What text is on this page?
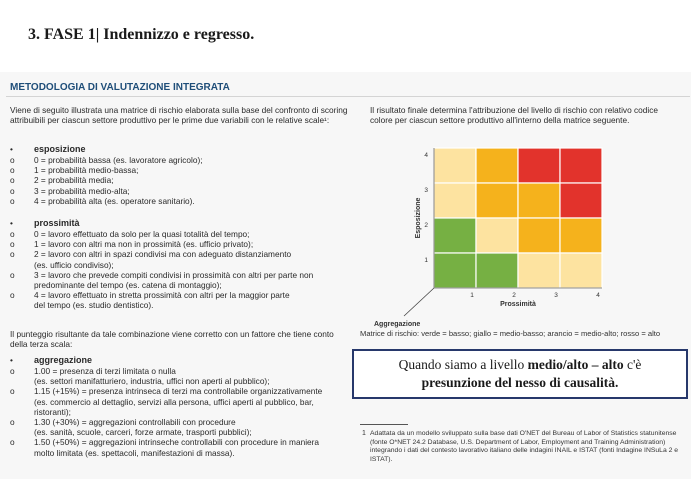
3. FASE 1| Indennizzo e regresso.
METODOLOGIA DI VALUTAZIONE INTEGRATA
Viene di seguito illustrata una matrice di rischio elaborata sulla base del confronto di scoring attribuibili per ciascun settore produttivo per le prime due variabili con le relative scale¹:
• esposizione
o 0 = probabilità bassa (es. lavoratore agricolo);
o 1 = probabilità medio-bassa;
o 2 = probabilità media;
o 3 = probabilità medio-alta;
o 4 = probabilità alta (es. operatore sanitario).
• prossimità
o 0 = lavoro effettuato da solo per la quasi totalità del tempo;
o 1 = lavoro con altri ma non in prossimità (es. ufficio privato);
o 2 = lavoro con altri in spazi condivisi ma con adeguato distanziamento
(es. ufficio condiviso);
o 3 = lavoro che prevede compiti condivisi in prossimità con altri per parte non
predominante del tempo (es. catena di montaggio);
o 4 = lavoro effettuato in stretta prossimità con altri per la maggior parte
del tempo (es. studio dentistico).
• aggregazione
o 1.00 = presenza di terzi limitata o nulla
(es. settori manifatturiero, industria, uffici non aperti al pubblico);
o 1.15 (+15%) = presenza intrinseca di terzi ma controllabile organizzativamente
(es. commercio al dettaglio, servizi alla persona, uffici aperti al pubblico, bar,
ristoranti);
o 1.30 (+30%) = aggregazioni controllabili con procedure
(es. sanità, scuole, carceri, forze armate, trasporti pubblici);
o 1.50 (+50%) = aggregazioni intrinseche controllabili con procedure in maniera
molto limitata (es. spettacoli, manifestazioni di massa).
Il punteggio risultante da tale combinazione viene corretto con un fattore che tiene conto della terza scala:
Il risultato finale determina l'attribuzione del livello di rischio con relativo codice colore per ciascun settore produttivo all'interno della matrice seguente.
1
2
3
4
1	2	3	4
Esposizione
Prossimità
Aggregazione
Matrice di rischio: verde = basso; giallo = medio-basso; arancio = medio-alto; rosso = alto
Quando siamo a livello medio/alto – alto c'è
presunzione del nesso di causalità.
1 Adattata da un modello sviluppato sulla base dati O'NET del Bureau of Labor of Statistics statunitense (fonte O*NET 24.2 Database, U.S. Department of Labor, Employment and Training Administration) integrando i dati del contesto lavorativo italiano delle indagini INAIL e ISTAT (fonti Indagine INSuLa 2 e ISTAT).
